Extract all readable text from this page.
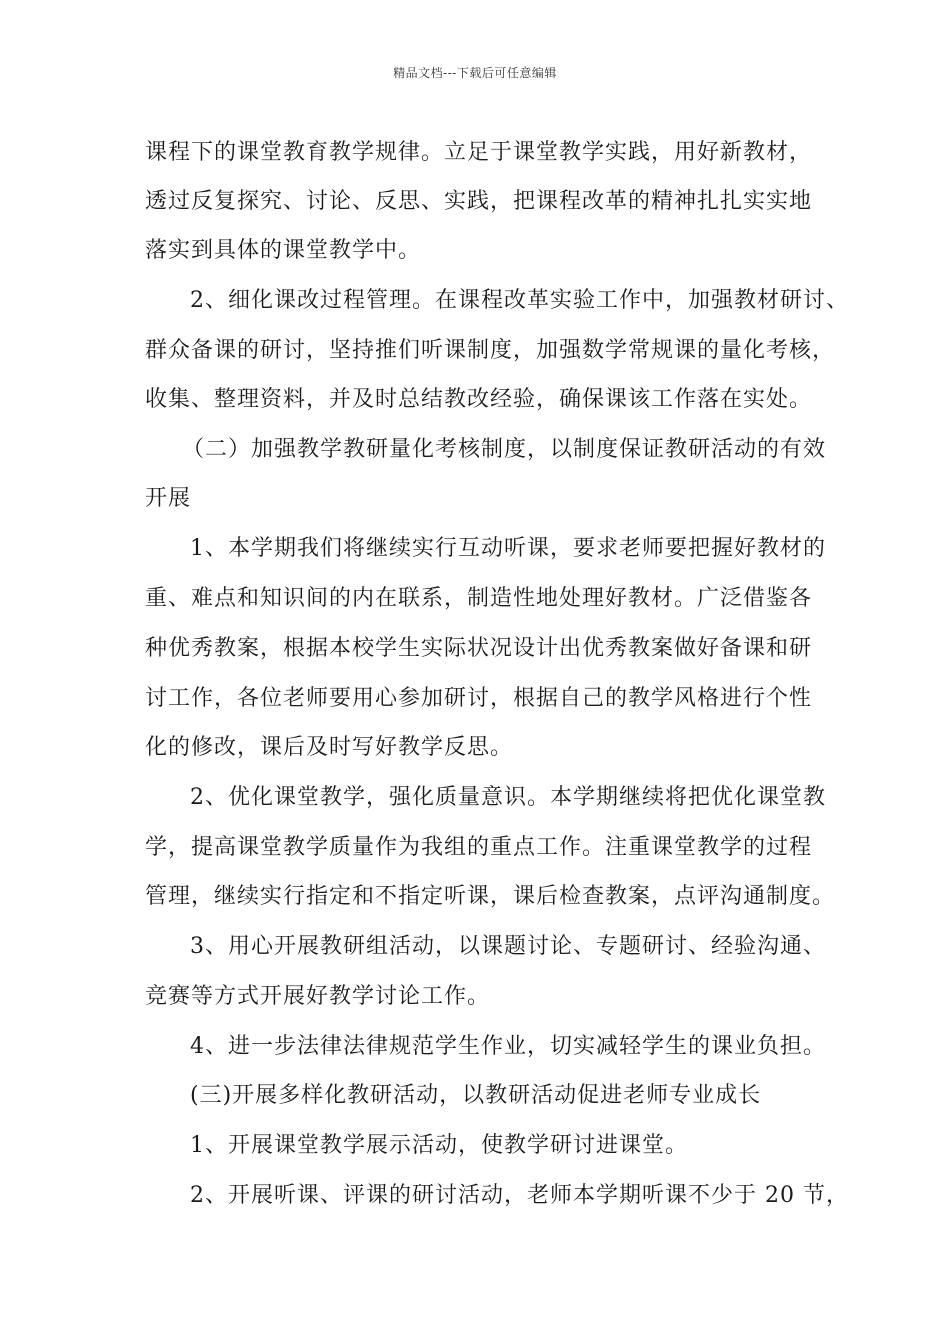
精品文档---下载后可任意编辑
课程下的课堂教育教学规律。立足于课堂教学实践，用好新教材，
透过反复探究、讨论、反思、实践，把课程改革的精神扎扎实实地
落实到具体的课堂教学中。
2、细化课改过程管理。在课程改革实验工作中，加强教材研讨、
群众备课的研讨，坚持推们听课制度，加强数学常规课的量化考核，
收集、整理资料，并及时总结教改经验，确保课该工作落在实处。
（二）加强教学教研量化考核制度，以制度保证教研活动的有效
开展
1、本学期我们将继续实行互动听课，要求老师要把握好教材的
重、难点和知识间的内在联系，制造性地处理好教材。广泛借鉴各
种优秀教案，根据本校学生实际状况设计出优秀教案做好备课和研
讨工作，各位老师要用心参加研讨，根据自己的教学风格进行个性
化的修改，课后及时写好教学反思。
2、优化课堂教学，强化质量意识。本学期继续将把优化课堂教
学，提高课堂教学质量作为我组的重点工作。注重课堂教学的过程
管理，继续实行指定和不指定听课，课后检查教案，点评沟通制度。
3、用心开展教研组活动，以课题讨论、专题研讨、经验沟通、
竞赛等方式开展好教学讨论工作。
4、进一步法律法律规范学生作业，切实减轻学生的课业负担。
(三)开展多样化教研活动，以教研活动促进老师专业成长
1、开展课堂教学展示活动，使教学研讨进课堂。
2、开展听课、评课的研讨活动，老师本学期听课不少于 20 节，
